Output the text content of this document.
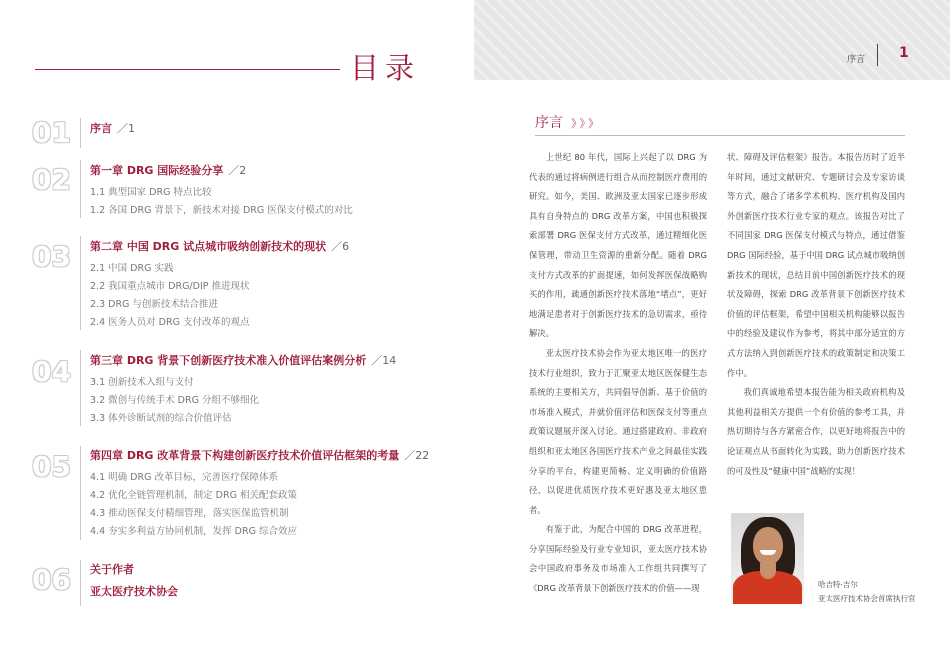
目录	序言 1
01 序言 ／1
02 第一章 DRG 国际经验分享 ／2
1.1 典型国家 DRG 特点比较
1.2 各国 DRG 背景下，新技术对接 DRG 医保支付模式的对比
03 第二章 中国 DRG 试点城市吸纳创新技术的现状 ／6
2.1 中国 DRG 实践
2.2 我国重点城市 DRG/DIP 推进现状
2.3 DRG 与创新技术结合推进
2.4 医务人员对 DRG 支付改革的观点
04 第三章 DRG 背景下创新医疗技术准入价值评估案例分析 ／14
3.1 创新技术入组与支付
3.2 微创与传统手术 DRG 分组不够细化
3.3 体外诊断试剂的综合价值评估
05 第四章 DRG 改革背景下构建创新医疗技术价值评估框架的考量 ／22
4.1 明确 DRG 改革目标，完善医疗保障体系
4.2 优化全链管理机制，制定 DRG 相关配套政策
4.3 推动医保支付精细管理，落实医保监管机制
4.4 夯实多利益方协同机制，发挥 DRG 综合效应
06 关于作者
亚太医疗技术协会
序言 》》》

上世纪 80 年代，国际上兴起了以 DRG 为代表的通过将病例进行组合从而控制医疗费用的研究。如今，美国、欧洲及亚太国家已逐步形成具有自身特点的 DRG 改革方案，中国也积极探索部署 DRG 医保支付方式改革，通过精细化医保管理，带动卫生资源的重新分配。随着 DRG 支付方式改革的扩面提速，如何发挥医保战略购买的作用，疏通创新医疗技术落地“堵点”，更好地满足患者对于创新医疗技术的急切需求，亟待解决。

亚太医疗技术协会作为亚太地区唯一的医疗技术行业组织，致力于汇聚亚太地区医保健生态系统的主要相关方，共同倡导创新、基于价值的市场准入模式，并就价值评估和医保支付等重点政策议题展开深入讨论。通过搭建政府、非政府组织和亚太地区各国医疗技术产业之间最佳实践分享的平台，构建更简畅、定义明确的价值路径，以促进优质医疗技术更好惠及亚太地区患者。

有鉴于此，为配合中国的 DRG 改革进程，分享国际经验及行业专业知识，亚太医疗技术协会中国政府事务及市场准入工作组共同撰写了《DRG 改革背景下创新医疗技术的价值——现

状、障碍及评估框架》报告。本报告历时了近半年时间，通过文献研究、专题研讨会及专家访谈等方式，融合了诸多学术机构、医疗机构及国内外创新医疗技术行业专家的观点。该报告对比了不同国家 DRG 医保支付模式与特点，通过借鉴 DRG 国际经验，基于中国 DRG 试点城市吸纳创新技术的现状，总结目前中国创新医疗技术的现状及障碍，探索 DRG 改革背景下创新医疗技术价值的评估框架，希望中国相关机构能够以报告中的经验及建议作为参考，将其中部分适宜的方式方法纳入到创新医疗技术的政策制定和决策工作中。

我们真诚地希望本报告能为相关政府机构及其他利益相关方提供一个有价值的参考工具，并热切期待与各方紧密合作，以更好地将报告中的论证观点从书面转化为实践，助力创新医疗技术的可及性及“健康中国”战略的实现！

哈吉特·吉尔
亚太医疗技术协会首席执行官
